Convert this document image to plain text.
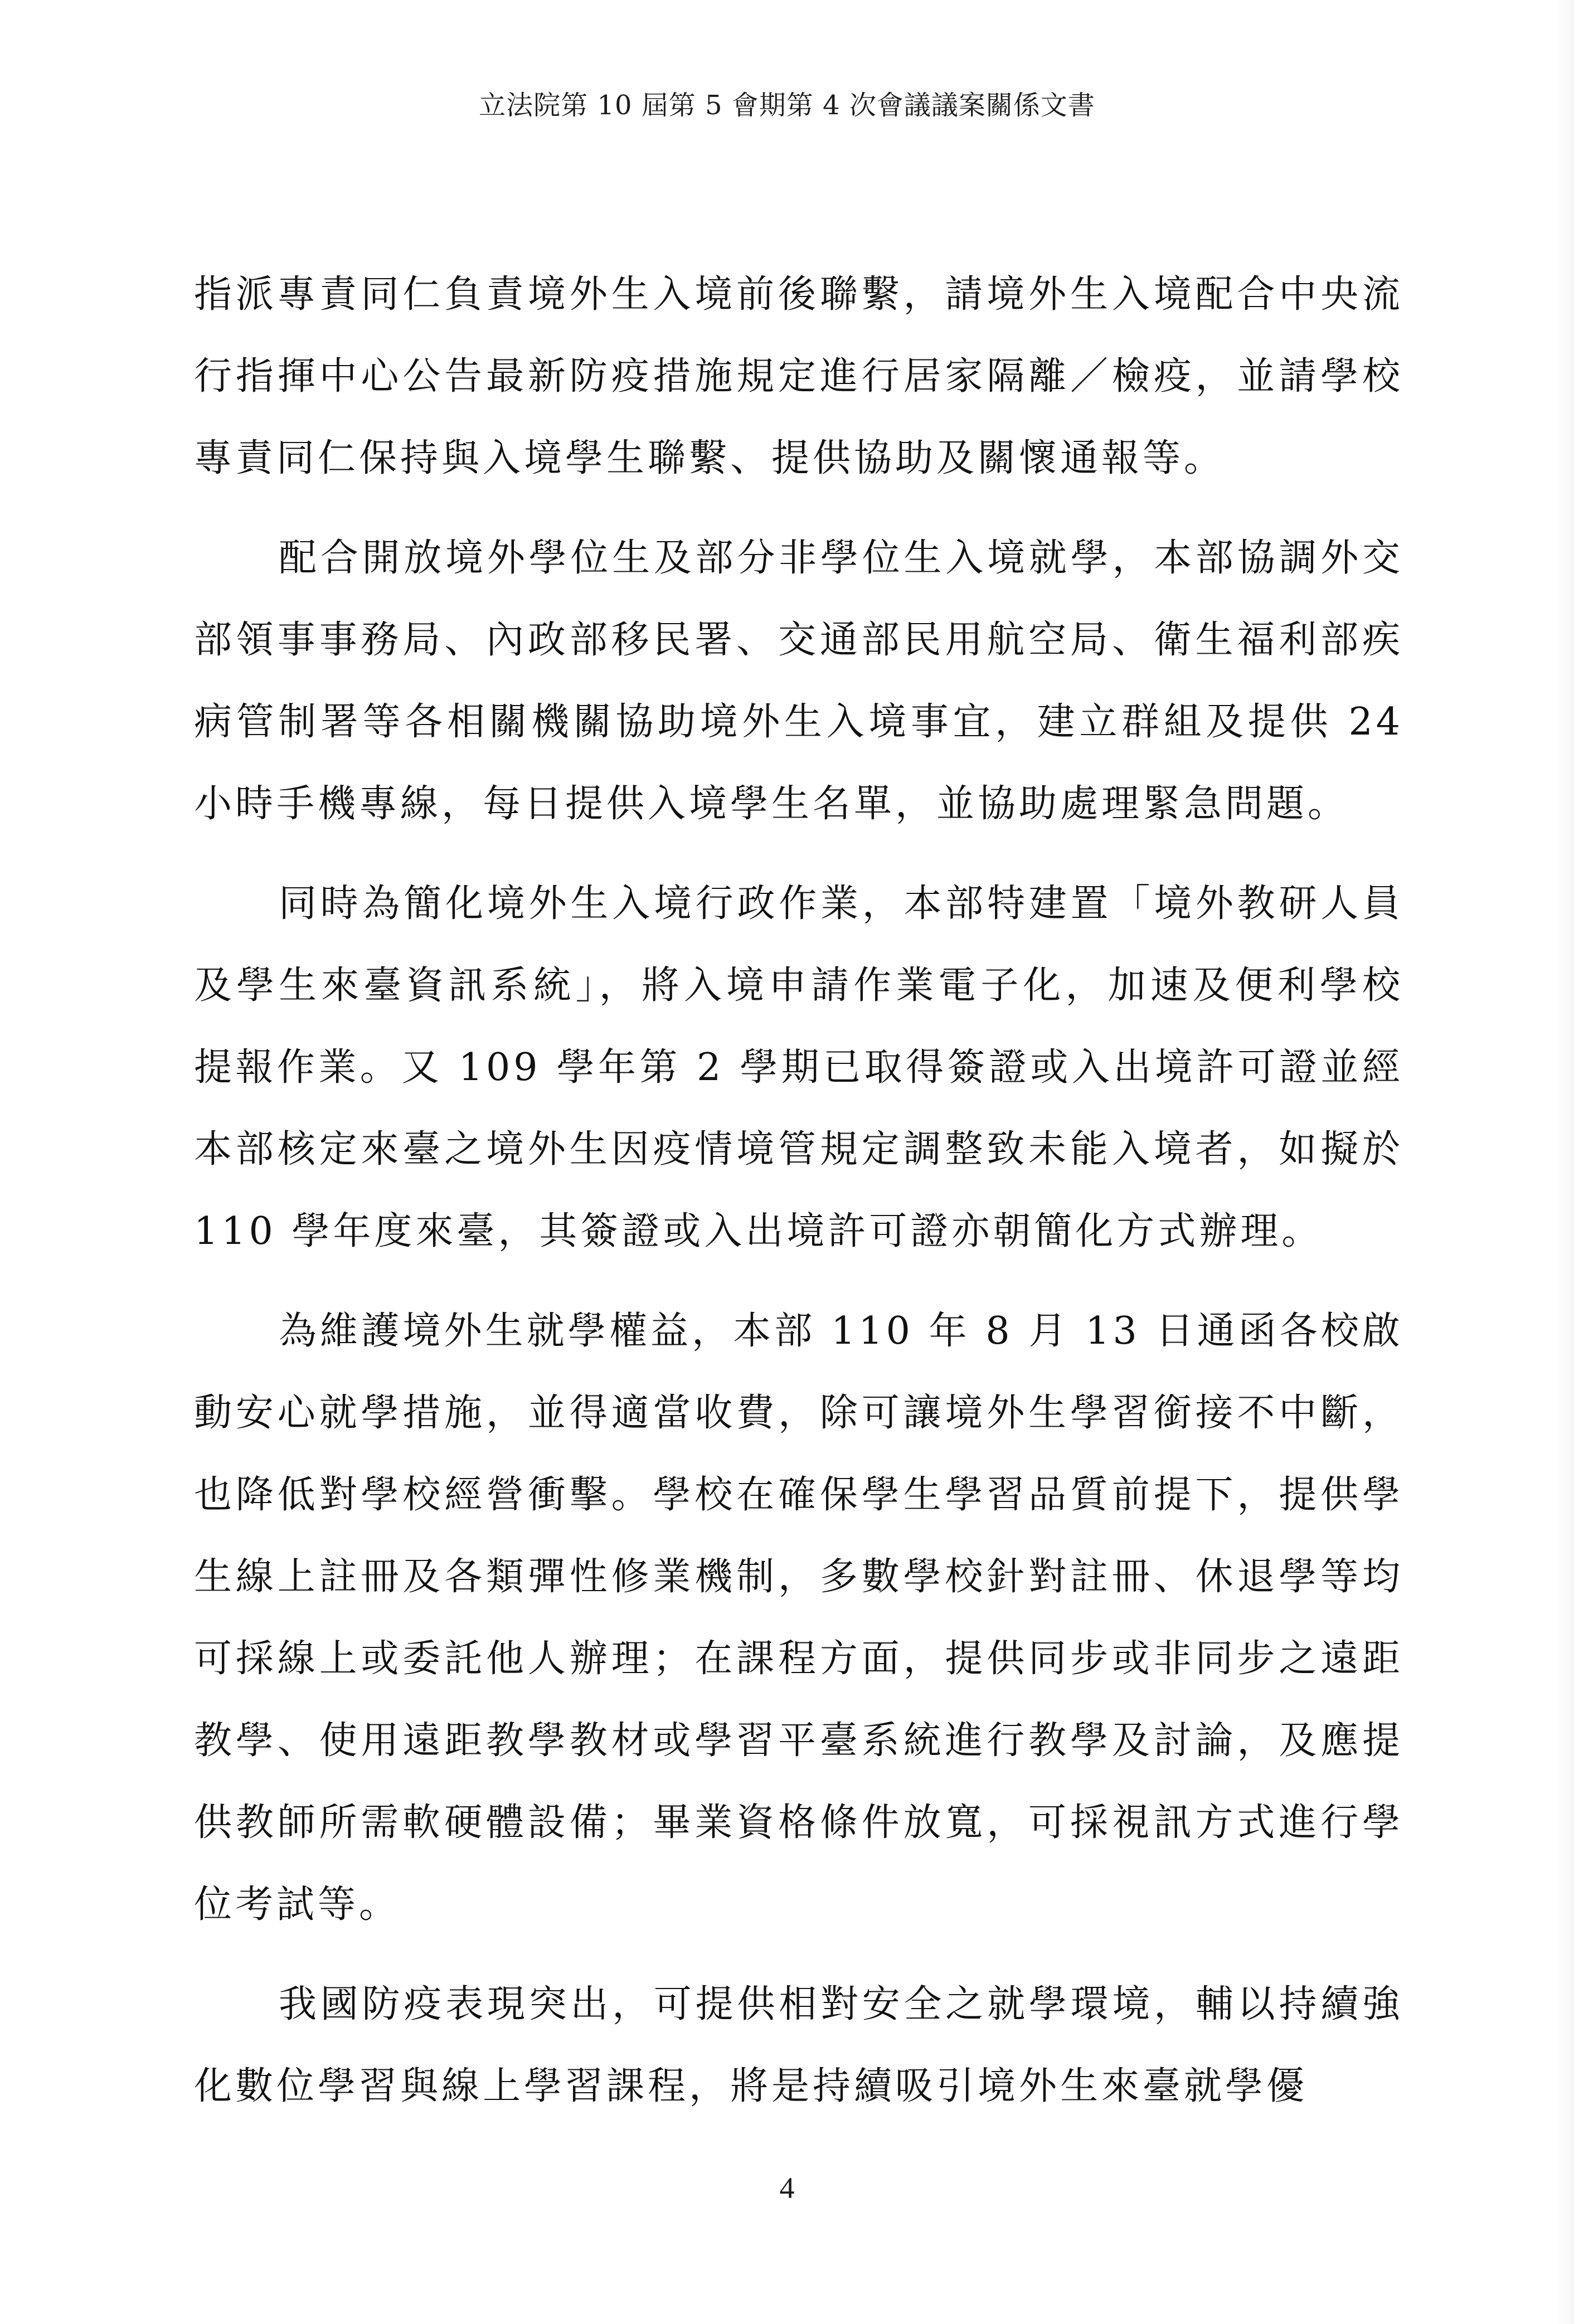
立法院第 10 屆第 5 會期第 4 次會議議案關係文書

指派專責同仁負責境外生入境前後聯繫，請境外生入境配合中央流行指揮中心公告最新防疫措施規定進行居家隔離／檢疫，並請學校專責同仁保持與入境學生聯繫、提供協助及關懷通報等。

配合開放境外學位生及部分非學位生入境就學，本部協調外交部領事事務局、內政部移民署、交通部民用航空局、衛生福利部疾病管制署等各相關機關協助境外生入境事宜，建立群組及提供 24 小時手機專線，每日提供入境學生名單，並協助處理緊急問題。

同時為簡化境外生入境行政作業，本部特建置「境外教研人員及學生來臺資訊系統」，將入境申請作業電子化，加速及便利學校提報作業。又 109 學年第 2 學期已取得簽證或入出境許可證並經本部核定來臺之境外生因疫情境管規定調整致未能入境者，如擬於 110 學年度來臺，其簽證或入出境許可證亦朝簡化方式辦理。

為維護境外生就學權益，本部 110 年 8 月 13 日通函各校啟動安心就學措施，並得適當收費，除可讓境外生學習銜接不中斷，也降低對學校經營衝擊。學校在確保學生學習品質前提下，提供學生線上註冊及各類彈性修業機制，多數學校針對註冊、休退學等均可採線上或委託他人辦理；在課程方面，提供同步或非同步之遠距教學、使用遠距教學教材或學習平臺系統進行教學及討論，及應提供教師所需軟硬體設備；畢業資格條件放寬，可採視訊方式進行學位考試等。

我國防疫表現突出，可提供相對安全之就學環境，輔以持續強化數位學習與線上學習課程，將是持續吸引境外生來臺就學優

4
